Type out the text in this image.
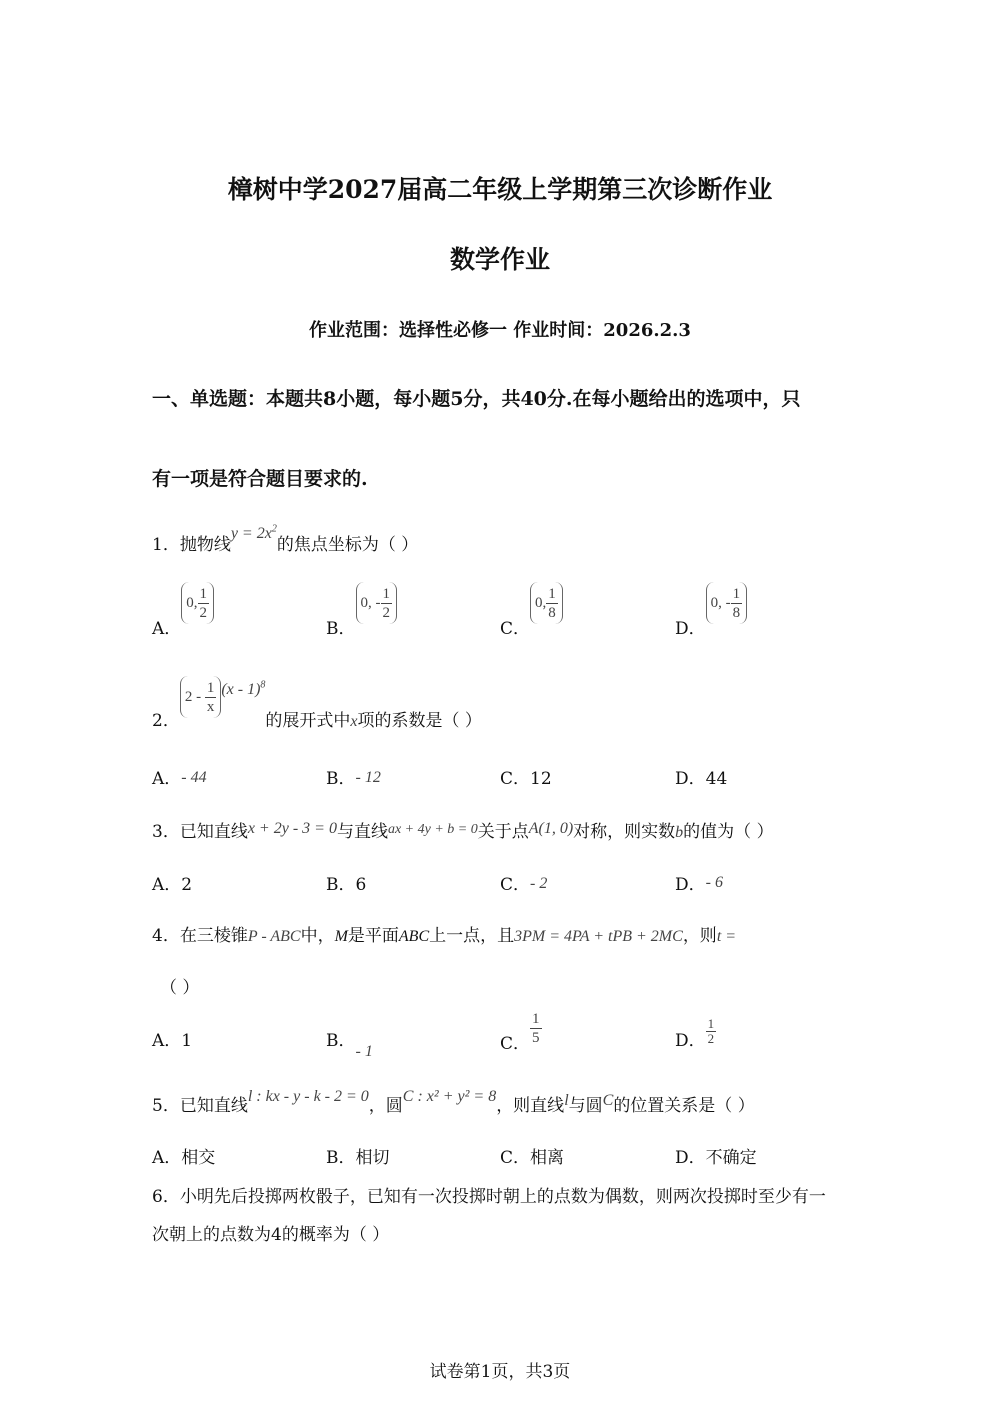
樟树中学2027届高二年级上学期第三次诊断作业
数学作业
作业范围：选择性必修一 作业时间：2026.2.3
一、单选题：本题共8小题，每小题5分，共40分.在每小题给出的选项中，只
有一项是符合题目要求的.
1．抛物线$y = 2x^2$的焦点坐标为（ ）
A．
0, $\frac{1}{2}$
B．
0, - $\frac{1}{2}$
C．
0, $\frac{1}{8}$
D．
0, - $\frac{1}{8}$
2．
2 -
$\frac{1}{x} (x - 1)^8$的展开式中x项的系数是（ ）
A．- 44	B．- 12	C．12	D．44
3．已知直线x + 2y - 3 = 0与直线$^{ax + 4y + b = 0}$关于点A(1, 0)对称，则实数b的值为（ ）
A．2	B．6	C．- 2	D．- 6
4．在三棱锥P - ABC中，M是平面ABC上一点，且3PM = 4PA + tPB + 2MC，则t =
（ ）
A．1	B．- 1	C． $\frac{1}{5}$	D． $\frac{1}{2}$
5．已知直线l : kx - y - k - 2 = 0，圆C : x² + y² = 8，则直线l与圆C的位置关系是（ ）
A．相交	B．相切	C．相离	D．不确定
6．小明先后投掷两枚骰子，已知有一次投掷时朝上的点数为偶数，则两次投掷时至少有一
次朝上的点数为4的概率为（ ）
试卷第1页，共3页
